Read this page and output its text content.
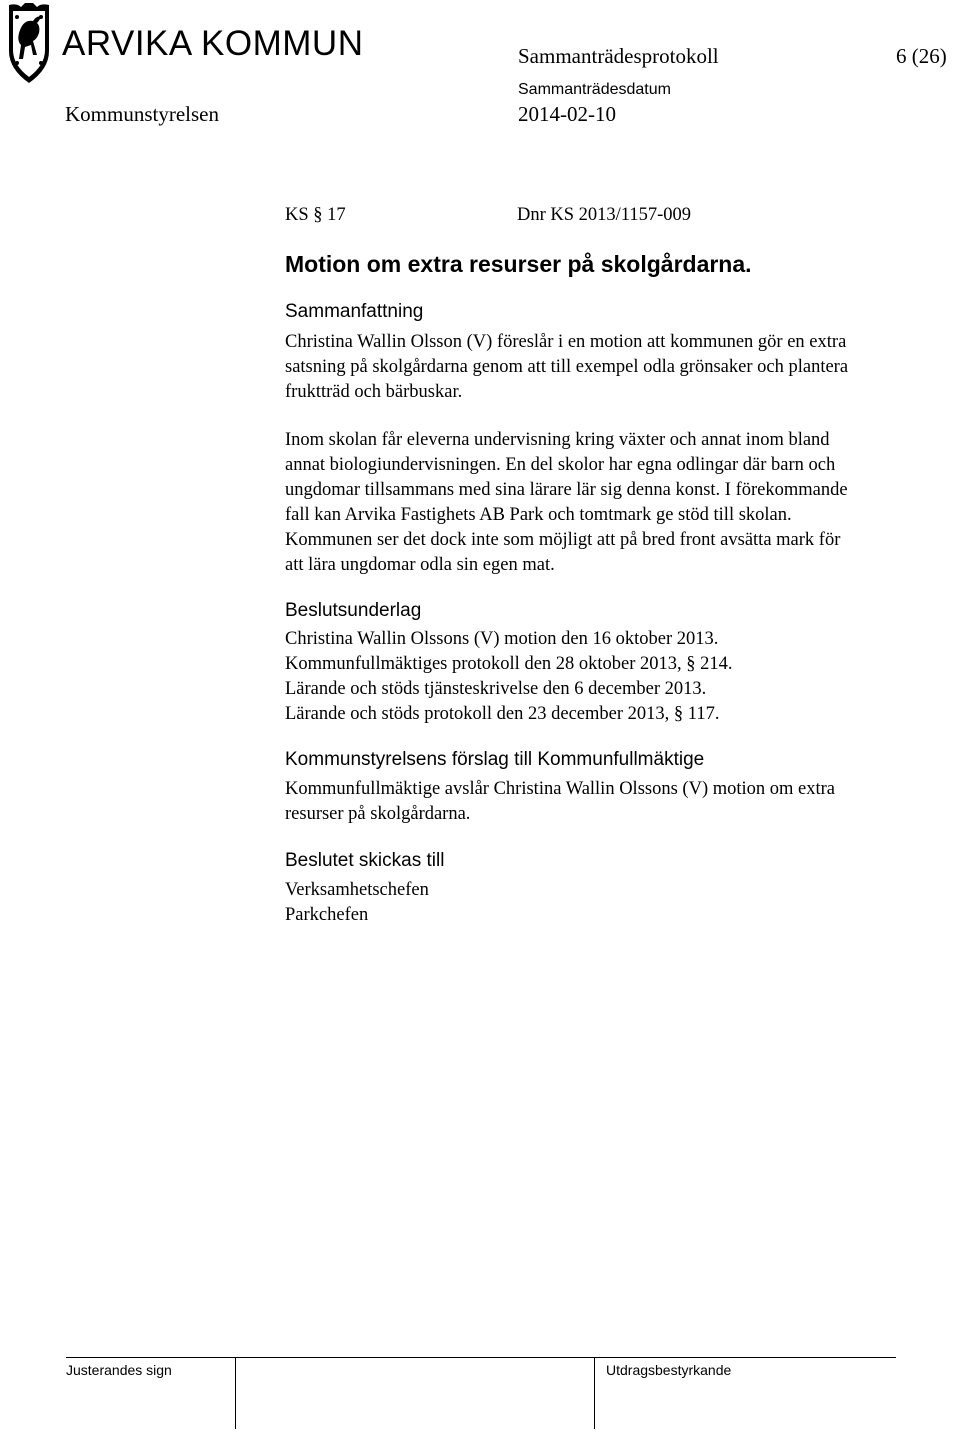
ARVIKA KOMMUN	Sammanträdesprotokoll	6 (26)
Sammanträdesdatum
Kommunstyrelsen	2014-02-10
KS § 17	Dnr KS 2013/1157-009
Motion om extra resurser på skolgårdarna.
Sammanfattning
Christina Wallin Olsson (V) föreslår i en motion att kommunen gör en extra
satsning på skolgårdarna genom att till exempel odla grönsaker och plantera
fruktträd och bärbuskar.
Inom skolan får eleverna undervisning kring växter och annat inom bland
annat biologiundervisningen. En del skolor har egna odlingar där barn och
ungdomar tillsammans med sina lärare lär sig denna konst. I förekommande
fall kan Arvika Fastighets AB Park och tomtmark ge stöd till skolan.
Kommunen ser det dock inte som möjligt att på bred front avsätta mark för
att lära ungdomar odla sin egen mat.
Beslutsunderlag
Christina Wallin Olssons (V) motion den 16 oktober 2013.
Kommunfullmäktiges protokoll den 28 oktober 2013, § 214.
Lärande och stöds tjänsteskrivelse den 6 december 2013.
Lärande och stöds protokoll den 23 december 2013, § 117.
Kommunstyrelsens förslag till Kommunfullmäktige
Kommunfullmäktige avslår Christina Wallin Olssons (V) motion om extra
resurser på skolgårdarna.
Beslutet skickas till
Verksamhetschefen
Parkchefen
Justerandes sign	Utdragsbestyrkande
